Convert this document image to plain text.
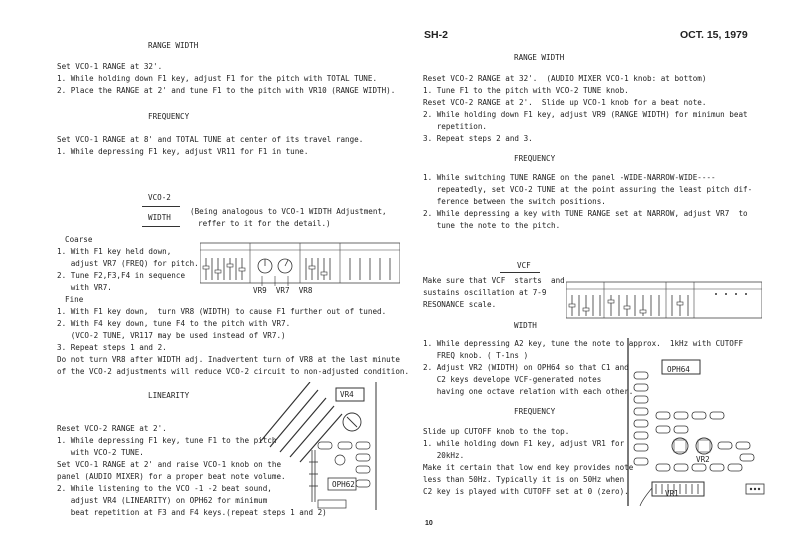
RANGE WIDTH
Set VCO-1 RANGE at 32'.
1. While holding down F1 key, adjust F1 for the pitch with TOTAL TUNE.
2. Place the RANGE at 2' and tune F1 to the pitch with VR10 (RANGE WIDTH).
FREQUENCY
Set VCO-1 RANGE at 8' and TOTAL TUNE at center of its travel range.
1. While depressing F1 key, adjust VR11 for F1 in tune.
VCO-2
WIDTH
(Being analogous to VCO-1 WIDTH Adjustment,
reffer to it for the detail.)
Coarse
1. With F1 key held down,
adjust VR7 (FREQ) for pitch.
2. Tune F2,F3,F4 in sequence
with VR7.	VR9  VR7  VR8
Fine
1. With F1 key down,  turn VR8 (WIDTH) to cause F1 further out of tuned.
2. With F4 key down, tune F4 to the pitch with VR7.
(VCO-2 TUNE, VR117 may be used instead of VR7.)
3. Repeat steps 1 and 2.
Do not turn VR8 after WIDTH adj. Inadvertent turn of VR8 at the last minute
of the VCO-2 adjustments will reduce VCO-2 circuit to non-adjusted condition.
LINEARITY
Reset VCO-2 RANGE at 2'.
1. While depressing F1 key, tune F1 to the pitch
with VCO-2 TUNE.
Set VCO-1 RANGE at 2' and raise VCO-1 knob on the
panel (AUDIO MIXER) for a proper beat note volume.
2. While listening to the VCO -1 -2 beat sound,
adjust VR4 (LINEARITY) on OPH62 for minimum
beat repetition at F3 and F4 keys.(repeat steps 1 and 2)
VR4
OPH62
SH-2	OCT. 15, 1979
RANGE WIDTH
Reset VCO-2 RANGE at 32'.  (AUDIO MIXER VCO-1 knob: at bottom)
1. Tune F1 to the pitch with VCO-2 TUNE knob.
Reset VCO-2 RANGE at 2'.  Slide up VCO-1 knob for a beat note.
2. While holding down F1 key, adjust VR9 (RANGE WIDTH) for minimun beat
repetition.
3. Repeat steps 2 and 3.
FREQUENCY
1. While switching TUNE RANGE on the panel -WIDE-NARROW-WIDE----
repeatedly, set VCO-2 TUNE at the point assuring the least pitch dif-
ference between the switch positions.
2. While depressing a key with TUNE RANGE set at NARROW, adjust VR7  to
tune the note to the pitch.
VCF
Make sure that VCF  starts  and
sustains oscillation at 7-9
RESONANCE scale.
WIDTH
1. While depressing A2 key, tune the note to approx.  1kHz with CUTOFF
FREQ knob. ( T-1ns )
2. Adjust VR2 (WIDTH) on OPH64 so that C1 and
C2 keys develope VCF-generated notes
having one octave relation with each other.
FREQUENCY
Slide up CUTOFF knob to the top.
1. while holding down F1 key, adjust VR1 for
20kHz.
Make it certain that low end key provides note
less than 50Hz. Typically it is on 50Hz when
C2 key is played with CUTOFF set at 0 (zero).
OPH64
VR2
VR1
10
